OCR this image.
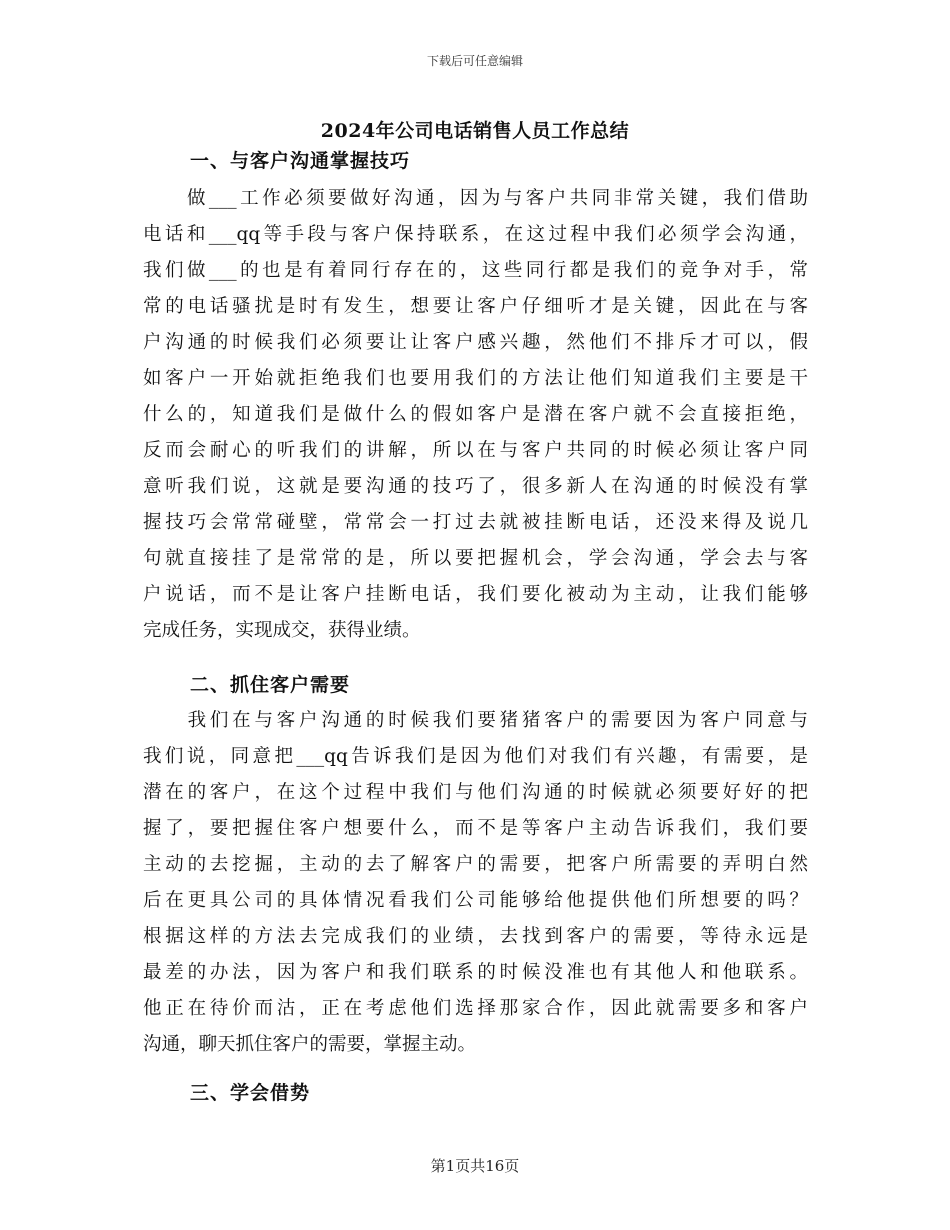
下载后可任意编辑
2024年公司电话销售人员工作总结
一、与客户沟通掌握技巧
　　做___工作必须要做好沟通，因为与客户共同非常关键，我们借助
电话和___qq等手段与客户保持联系，在这过程中我们必须学会沟通，
我们做___的也是有着同行存在的，这些同行都是我们的竞争对手，常
常的电话骚扰是时有发生，想要让客户仔细听才是关键，因此在与客
户沟通的时候我们必须要让让客户感兴趣，然他们不排斥才可以，假
如客户一开始就拒绝我们也要用我们的方法让他们知道我们主要是干
什么的，知道我们是做什么的假如客户是潜在客户就不会直接拒绝，
反而会耐心的听我们的讲解，所以在与客户共同的时候必须让客户同
意听我们说，这就是要沟通的技巧了，很多新人在沟通的时候没有掌
握技巧会常常碰壁，常常会一打过去就被挂断电话，还没来得及说几
句就直接挂了是常常的是，所以要把握机会，学会沟通，学会去与客
户说话，而不是让客户挂断电话，我们要化被动为主动，让我们能够
完成任务，实现成交，获得业绩。
二、抓住客户需要
　　我们在与客户沟通的时候我们要猪猪客户的需要因为客户同意与
我们说，同意把___qq告诉我们是因为他们对我们有兴趣，有需要，是
潜在的客户，在这个过程中我们与他们沟通的时候就必须要好好的把
握了，要把握住客户想要什么，而不是等客户主动告诉我们，我们要
主动的去挖掘，主动的去了解客户的需要，把客户所需要的弄明白然
后在更具公司的具体情况看我们公司能够给他提供他们所想要的吗？
根据这样的方法去完成我们的业绩，去找到客户的需要，等待永远是
最差的办法，因为客户和我们联系的时候没准也有其他人和他联系。
他正在待价而沽，正在考虑他们选择那家合作，因此就需要多和客户
沟通，聊天抓住客户的需要，掌握主动。
三、学会借势
第1页共16页
